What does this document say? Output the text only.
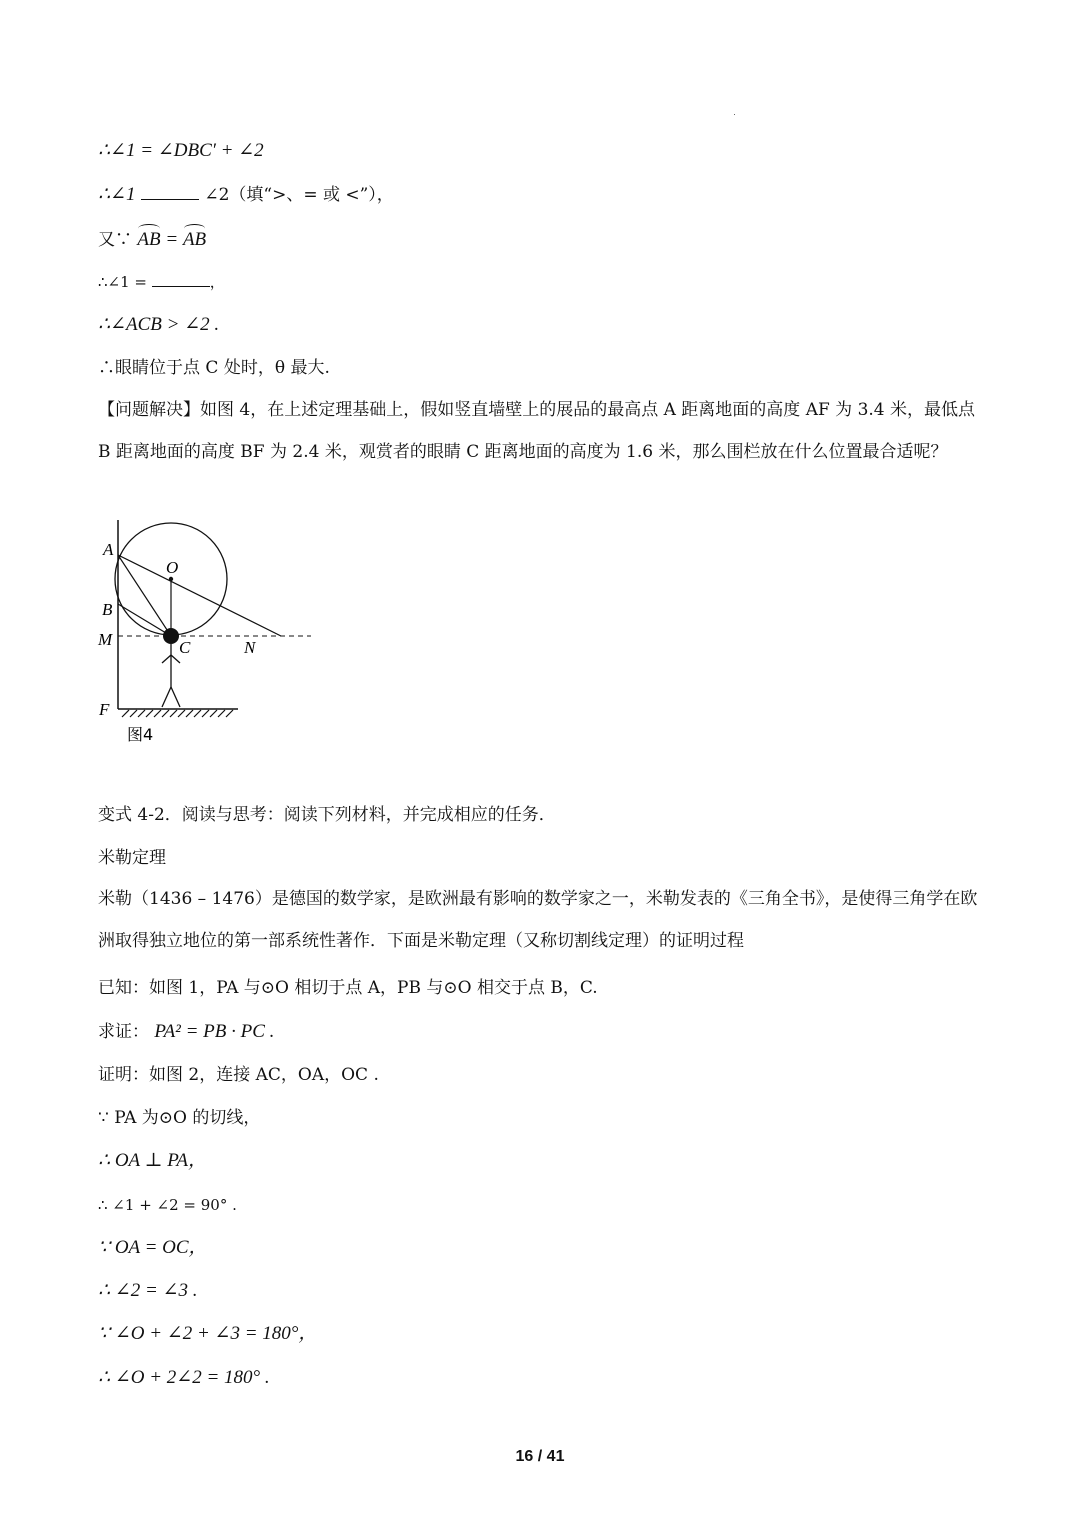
∴∠1 = ∠DBC′ + ∠2
∴∠1	∠2（填“>、= 或 <”），
又∵ AB = AB
∴∠1 =	，
∴∠ACB > ∠2 .
∴眼睛位于点 C 处时，θ 最大.
【问题解决】如图 4，在上述定理基础上，假如竖直墙壁上的展品的最高点 A 距离地面的高度 AF 为 3.4 米，最低点 B 距离地面的高度 BF 为 2.4 米，观赏者的眼睛 C 距离地面的高度为 1.6 米，那么围栏放在什么位置最合适呢？
A
O
B
M	C	N
F
图4
变式 4-2．阅读与思考：阅读下列材料，并完成相应的任务．
米勒定理
米勒（1436 – 1476）是德国的数学家，是欧洲最有影响的数学家之一，米勒发表的《三角全书》，是使得三角学在欧洲取得独立地位的第一部系统性著作．下面是米勒定理（又称切割线定理）的证明过程
已知：如图 1，PA 与⊙O 相切于点 A，PB 与⊙O 相交于点 B，C.
求证： PA² = PB · PC .
证明：如图 2，连接 AC，OA，OC .
∵ PA 为⊙O 的切线，
∴ OA ⊥ PA，
∴ ∠1 + ∠2 = 90° .
∵ OA = OC，
∴ ∠2 = ∠3 .
∵ ∠O + ∠2 + ∠3 = 180°，
∴ ∠O + 2∠2 = 180° .
16 / 41
